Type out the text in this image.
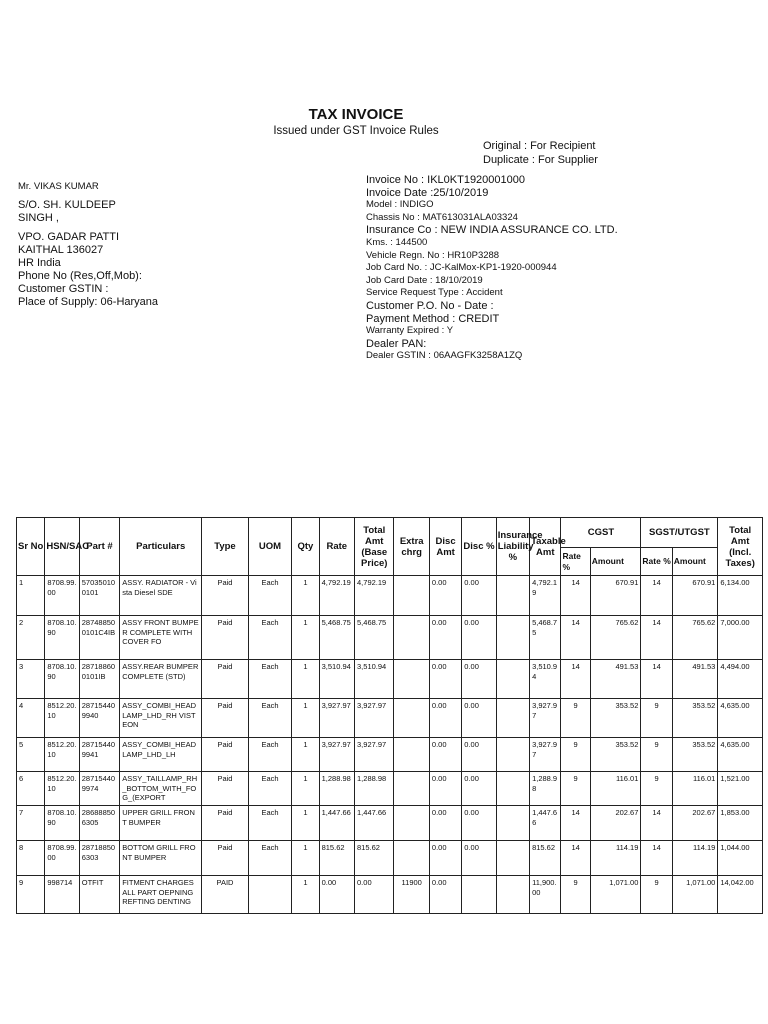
TAX INVOICE
Issued under GST Invoice Rules
Original : For Recipient
Duplicate : For Supplier
Mr. VIKAS KUMAR
S/O. SH. KULDEEP
SINGH ,
VPO. GADAR PATTI
KAITHAL 136027
HR India
Phone No (Res,Off,Mob):
Customer GSTIN :
Place of Supply: 06-Haryana
Invoice No : IKL0KT1920001000
Invoice Date :25/10/2019
Model : INDIGO
Chassis No : MAT613031ALA03324
Insurance Co : NEW INDIA ASSURANCE CO. LTD.
Kms. : 144500
Vehicle Regn. No : HR10P3288
Job Card No. : JC-KalMox-KP1-1920-000944
Job Card Date : 18/10/2019
Service Request Type : Accident
Customer P.O. No - Date :
Payment Method : CREDIT
Warranty Expired : Y
Dealer PAN:
Dealer GSTIN : 06AAGFK3258A1ZQ
Sr No	HSN/SAC	Part #	Particulars	Type	UOM	Qty	Rate	Total Amt (Base Price)	Extra chrg	Disc Amt	Disc %	Insurance Liability %	Taxable Amt	CGST		SGST/UTGST		Total Amt (Incl. Taxes)
														Rate %	Amount	Rate %	Amount	
1	8708.99.00	570350100101	ASSY. RADIATOR - Vista Diesel SDE	Paid	Each	1	4,792.19	4,792.19		0.00	0.00		4,792.19	14	670.91	14	670.91	6,134.00
2	8708.10.90	287488500101C4IB	ASSY FRONT BUMPER COMPLETE WITH COVER FO	Paid	Each	1	5,468.75	5,468.75		0.00	0.00		5,468.75	14	765.62	14	765.62	7,000.00
3	8708.10.90	287188600101IB	ASSY.REAR BUMPER COMPLETE (STD)	Paid	Each	1	3,510.94	3,510.94		0.00	0.00		3,510.94	14	491.53	14	491.53	4,494.00
4	8512.20.10	287154409940	ASSY_COMBI_HEADLAMP_LHD_RH VISTEON	Paid	Each	1	3,927.97	3,927.97		0.00	0.00		3,927.97	9	353.52	9	353.52	4,635.00
5	8512.20.10	287154409941	ASSY_COMBI_HEADLAMP_LHD_LH	Paid	Each	1	3,927.97	3,927.97		0.00	0.00		3,927.97	9	353.52	9	353.52	4,635.00
6	8512.20.10	287154409974	ASSY_TAILLAMP_RH_BOTTOM_WITH_FOG_(EXPORT	Paid	Each	1	1,288.98	1,288.98		0.00	0.00		1,288.98	9	116.01	9	116.01	1,521.00
7	8708.10.90	286888506305	UPPER GRILL FRONT BUMPER	Paid	Each	1	1,447.66	1,447.66		0.00	0.00		1,447.66	14	202.67	14	202.67	1,853.00
8	8708.99.00	287188506303	BOTTOM GRILL FRONT BUMPER	Paid	Each	1	815.62	815.62		0.00	0.00		815.62	14	114.19	14	114.19	1,044.00
9	998714	OTFIT	FITMENT CHARGES ALL PART OEPNING REFTING DENTING	PAID		1	0.00	0.00	11900	0.00			11,900.00	9	1,071.00	9	1,071.00	14,042.00
